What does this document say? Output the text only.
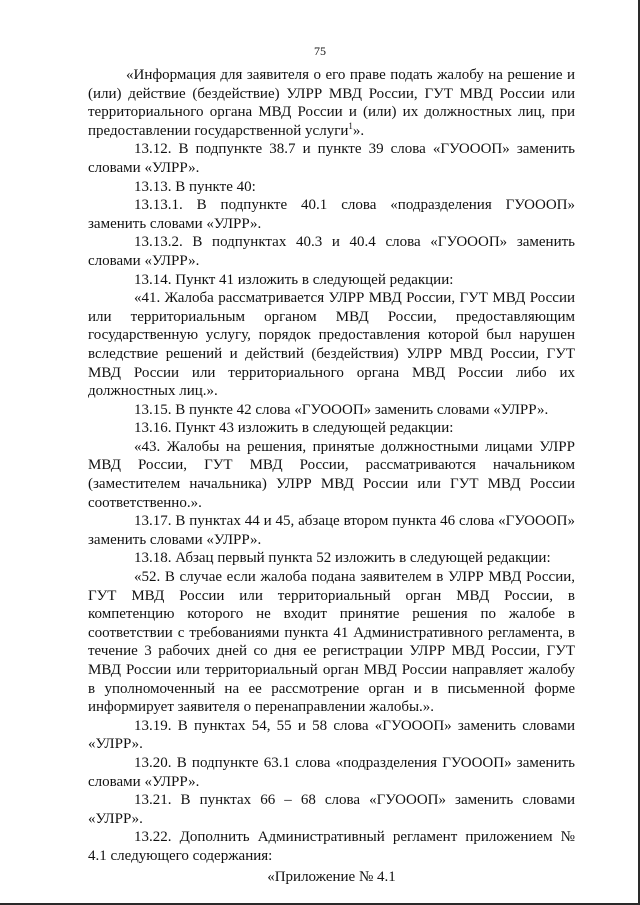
75

«Информация для заявителя о его праве подать жалобу на решение и (или) действие (бездействие) УЛРР МВД России, ГУТ МВД России или территориального органа МВД России и (или) их должностных лиц, при предоставлении государственной услуги$^1$».

13.12. В подпункте 38.7 и пункте 39 слова «ГУОООП» заменить словами «УЛРР».

13.13. В пункте 40:

13.13.1. В подпункте 40.1 слова «подразделения ГУОООП» заменить словами «УЛРР».

13.13.2. В подпунктах 40.3 и 40.4 слова «ГУОООП» заменить словами «УЛРР».

13.14. Пункт 41 изложить в следующей редакции:

«41. Жалоба рассматривается УЛРР МВД России, ГУТ МВД России или территориальным органом МВД России, предоставляющим государственную услугу, порядок предоставления которой был нарушен вследствие решений и действий (бездействия) УЛРР МВД России, ГУТ МВД России или территориального органа МВД России либо их должностных лиц.».

13.15. В пункте 42 слова «ГУОООП» заменить словами «УЛРР».

13.16. Пункт 43 изложить в следующей редакции:

«43. Жалобы на решения, принятые должностными лицами УЛРР МВД России, ГУТ МВД России, рассматриваются начальником (заместителем начальника) УЛРР МВД России или ГУТ МВД России соответственно.».

13.17. В пунктах 44 и 45, абзаце втором пункта 46 слова «ГУОООП» заменить словами «УЛРР».

13.18. Абзац первый пункта 52 изложить в следующей редакции:

«52. В случае если жалоба подана заявителем в УЛРР МВД России, ГУТ МВД России или территориальный орган МВД России, в компетенцию которого не входит принятие решения по жалобе в соответствии с требованиями пункта 41 Административного регламента, в течение 3 рабочих дней со дня ее регистрации УЛРР МВД России, ГУТ МВД России или территориальный орган МВД России направляет жалобу в уполномоченный на ее рассмотрение орган и в письменной форме информирует заявителя о перенаправлении жалобы.».

13.19. В пунктах 54, 55 и 58 слова «ГУОООП» заменить словами «УЛРР».

13.20. В подпункте 63.1 слова «подразделения ГУОООП» заменить словами «УЛРР».

13.21. В пунктах 66 – 68 слова «ГУОООП» заменить словами «УЛРР».

13.22. Дополнить Административный регламент приложением № 4.1 следующего содержания:

«Приложение № 4.1
